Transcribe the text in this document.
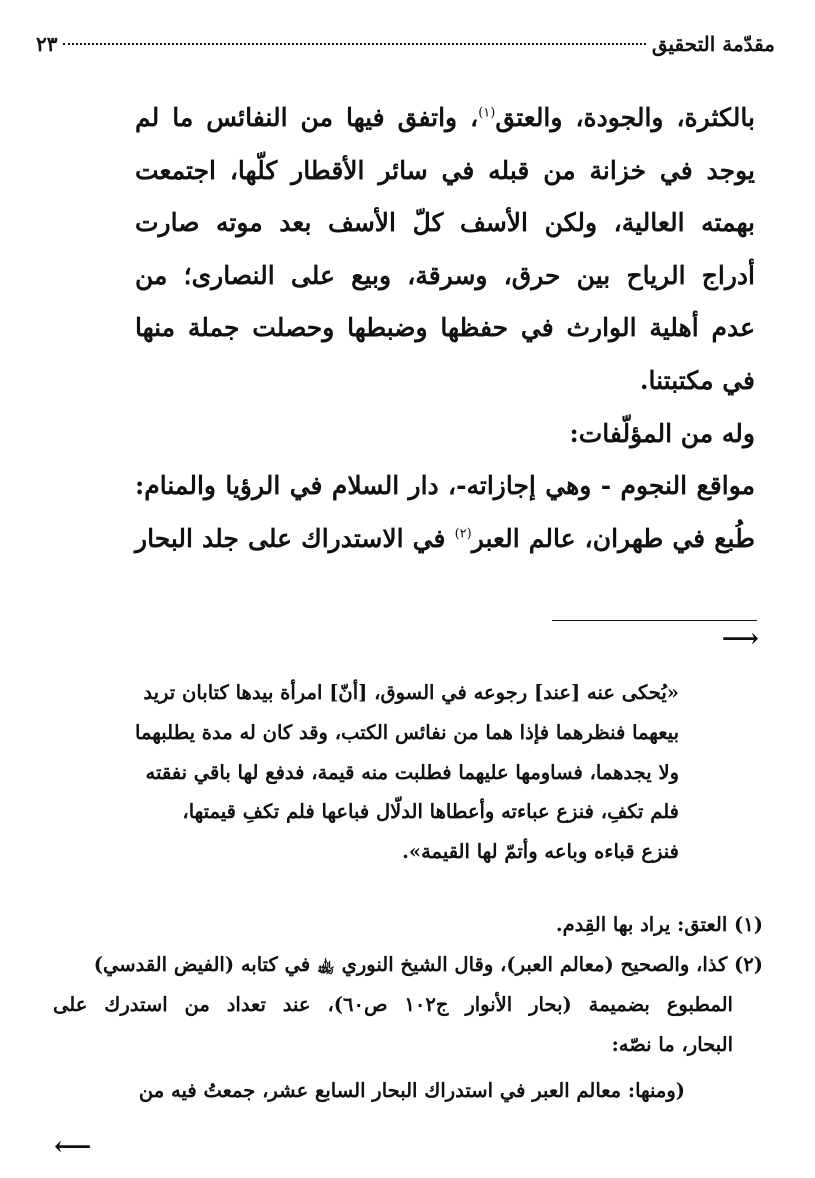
مقدّمة التحقيق
٢٣

بالكثرة، والجودة، والعتق$^{(١)}$، واتفق فيها من النفائس ما لم

يوجد في خزانة من قبله في سائر الأقطار كلّها، اجتمعت

بهمته العالية، ولكن الأسف كلّ الأسف بعد موته صارت

أدراج الرياح بين حرق، وسرقة، وبيع على النصارى؛ من

عدم أهلية الوارث في حفظها وضبطها وحصلت جملة منها

في مكتبتنا.

وله من المؤلّفات:

مواقع النجوم - وهي إجازاته-، دار السلام في الرؤيا والمنام:

طُبع في طهران، عالم العبر$^{(٢)}$ في الاستدراك على جلد البحار

⟶

«يُحكى عنه [عند] رجوعه في السوق، [أنّ] امرأة بيدها كتابان تريد

بيعهما فنظرهما فإذا هما من نفائس الكتب، وقد كان له مدة يطلبهما

ولا يجدهما، فساومها عليهما فطلبت منه قيمة، فدفع لها باقي نفقته

فلم تكفِ، فنزع عباءته وأعطاها الدلّال فباعها فلم تكفِ قيمتها،

فنزع قباءه وباعه وأتمّ لها القيمة».

(١) العتق: يراد بها القِدم.

(٢) كذا، والصحيح (معالم العبر)، وقال الشيخ النوري ﵀ في كتابه (الفيض القدسي)

المطبوع بضميمة (بحار الأنوار ج١٠٢ ص٦٠)، عند تعداد من استدرك على

البحار، ما نصّه:

(ومنها: معالم العبر في استدراك البحار السابع عشر، جمعتُ فيه من

⟵
